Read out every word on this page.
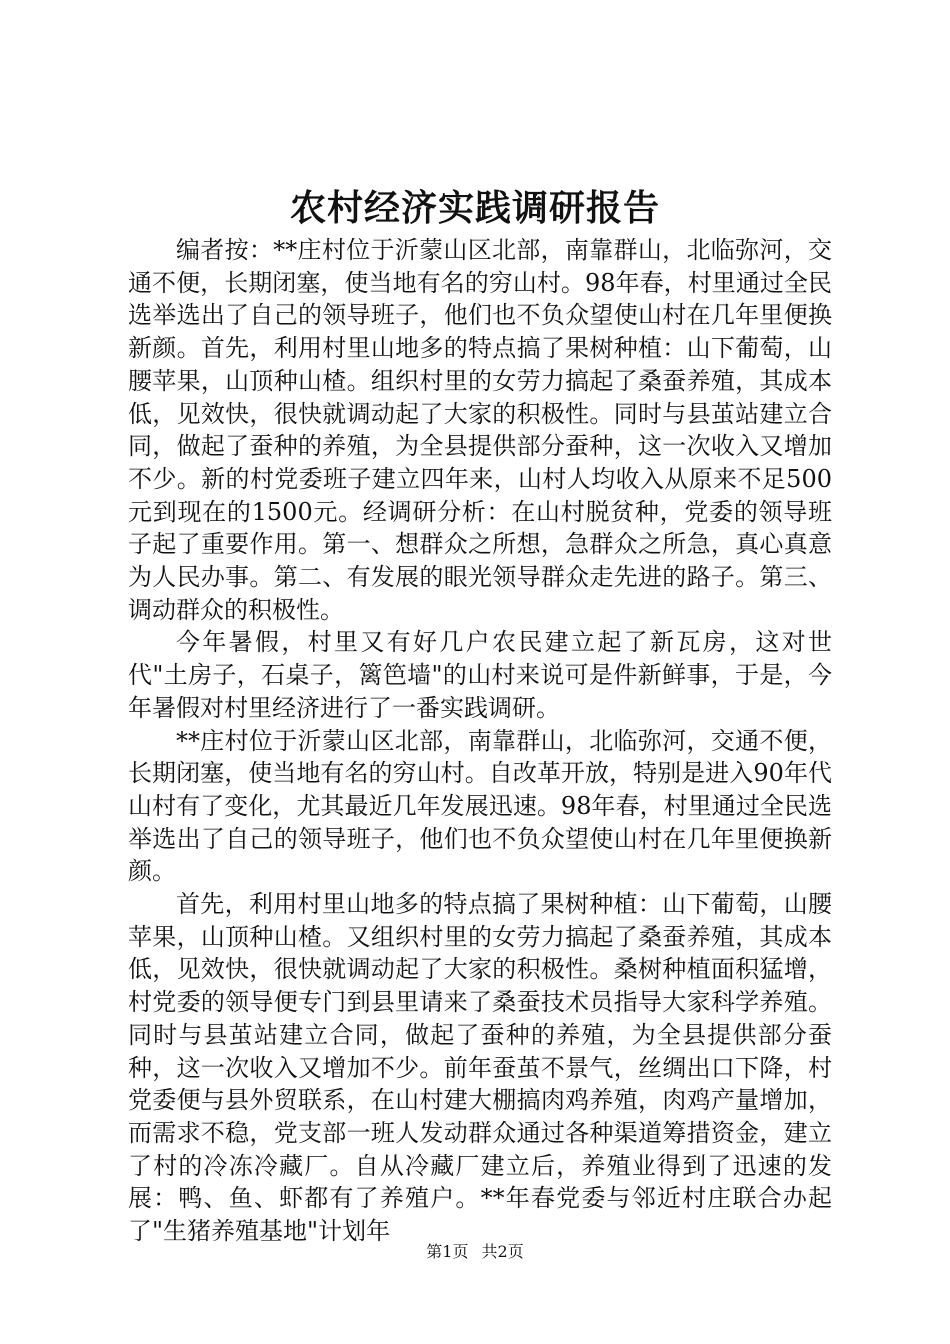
农村经济实践调研报告

编者按：**庄村位于沂蒙山区北部，南靠群山，北临弥河，交通不便，长期闭塞，使当地有名的穷山村。98年春，村里通过全民选举选出了自己的领导班子，他们也不负众望使山村在几年里便换新颜。首先，利用村里山地多的特点搞了果树种植：山下葡萄，山腰苹果，山顶种山楂。组织村里的女劳力搞起了桑蚕养殖，其成本低，见效快，很快就调动起了大家的积极性。同时与县茧站建立合同，做起了蚕种的养殖，为全县提供部分蚕种，这一次收入又增加不少。新的村党委班子建立四年来，山村人均收入从原来不足500元到现在的1500元。经调研分析：在山村脱贫种，党委的领导班子起了重要作用。第一、想群众之所想，急群众之所急，真心真意为人民办事。第二、有发展的眼光领导群众走先进的路子。第三、调动群众的积极性。

今年暑假，村里又有好几户农民建立起了新瓦房，这对世代"土房子，石桌子，篱笆墙"的山村来说可是件新鲜事，于是，今年暑假对村里经济进行了一番实践调研。

**庄村位于沂蒙山区北部，南靠群山，北临弥河，交通不便，长期闭塞，使当地有名的穷山村。自改革开放，特别是进入90年代山村有了变化，尤其最近几年发展迅速。98年春，村里通过全民选举选出了自己的领导班子，他们也不负众望使山村在几年里便换新颜。

首先，利用村里山地多的特点搞了果树种植：山下葡萄，山腰苹果，山顶种山楂。又组织村里的女劳力搞起了桑蚕养殖，其成本低，见效快，很快就调动起了大家的积极性。桑树种植面积猛增，村党委的领导便专门到县里请来了桑蚕技术员指导大家科学养殖。同时与县茧站建立合同，做起了蚕种的养殖，为全县提供部分蚕种，这一次收入又增加不少。前年蚕茧不景气，丝绸出口下降，村党委便与县外贸联系，在山村建大棚搞肉鸡养殖，肉鸡产量增加，而需求不稳，党支部一班人发动群众通过各种渠道筹措资金，建立了村的冷冻冷藏厂。自从冷藏厂建立后，养殖业得到了迅速的发展：鸭、鱼、虾都有了养殖户。**年春党委与邻近村庄联合办起了"生猪养殖基地"计划年

第1页 共2页
